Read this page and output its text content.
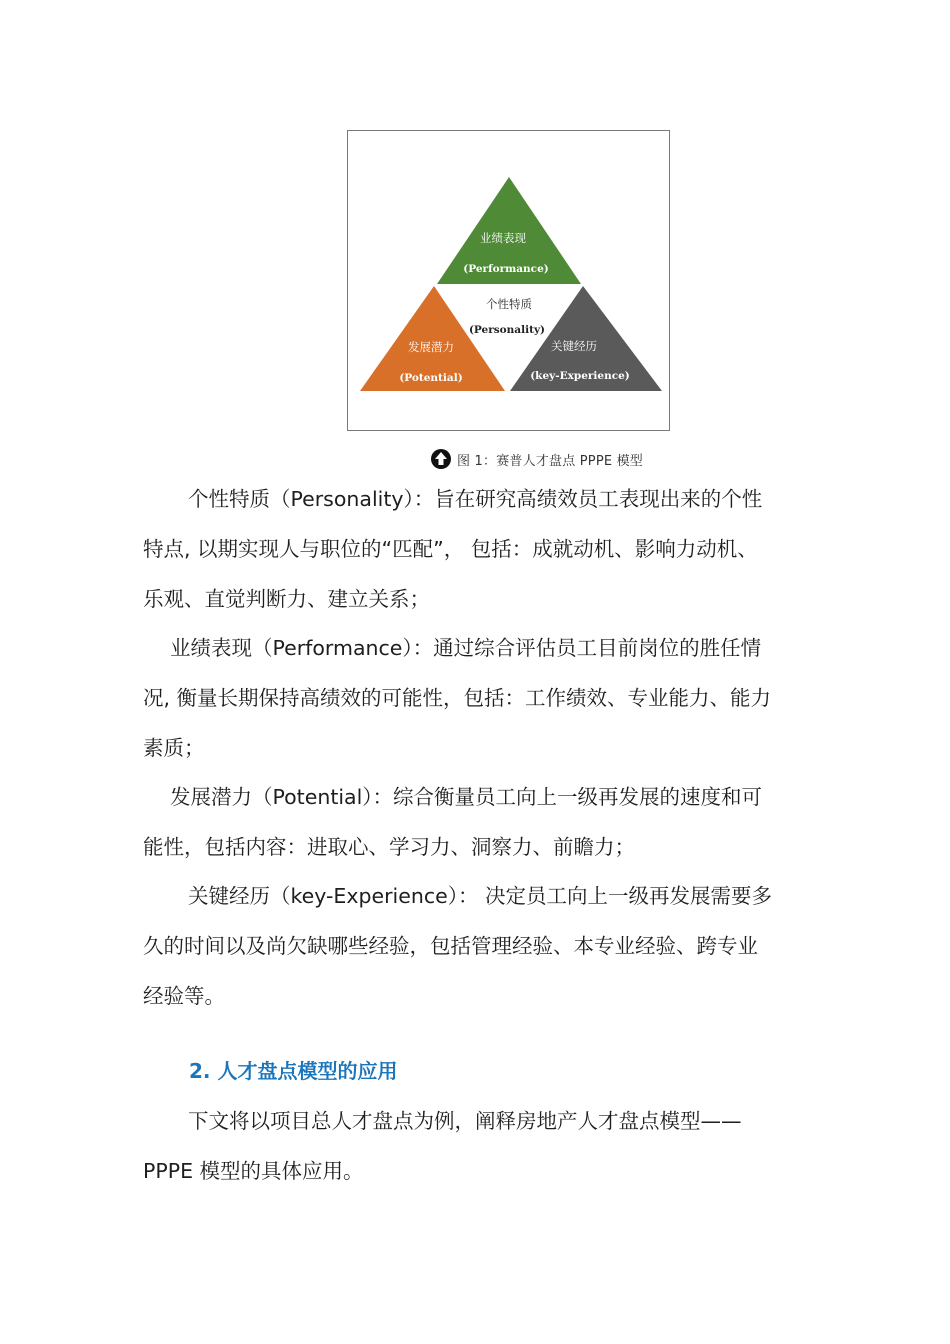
业绩表现
(Performance)
个性特质
(Personality)
发展潜力
(Potential)
关键经历
(key-Experience)
图 1：赛普人才盘点 PPPE 模型
个性特质（Personality）：旨在研究高绩效员工表现出来的个性
特点, 以期实现人与职位的“匹配”， 包括：成就动机、影响力动机、
乐观、直觉判断力、建立关系；
业绩表现（Performance）：通过综合评估员工目前岗位的胜任情
况, 衡量长期保持高绩效的可能性，包括：工作绩效、专业能力、能力
素质；
发展潜力（Potential）：综合衡量员工向上一级再发展的速度和可
能性，包括内容：进取心、学习力、洞察力、前瞻力；
关键经历（key-Experience）： 决定员工向上一级再发展需要多
久的时间以及尚欠缺哪些经验，包括管理经验、本专业经验、跨专业
经验等。
2. 人才盘点模型的应用
下文将以项目总人才盘点为例，阐释房地产人才盘点模型——
PPPE 模型的具体应用。
